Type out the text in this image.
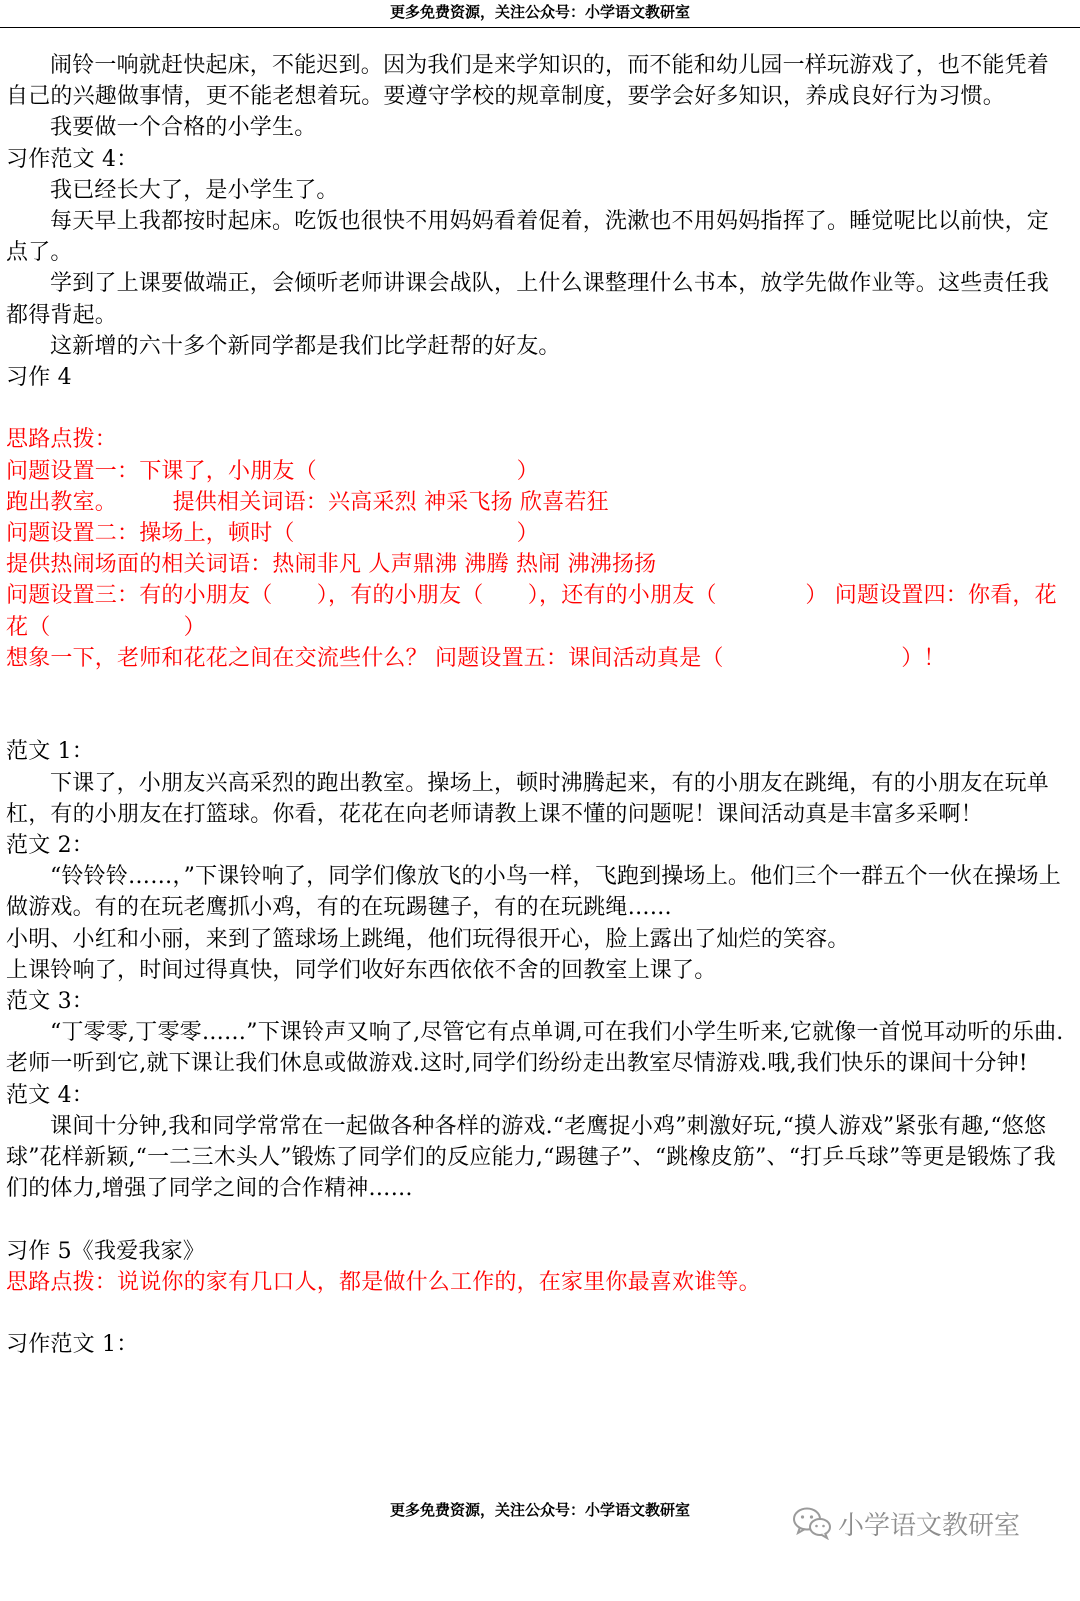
更多免费资源，关注公众号：小学语文教研室

闹铃一响就赶快起床，不能迟到。因为我们是来学知识的，而不能和幼儿园一样玩游戏了，也不能凭着自己的兴趣做事情，更不能老想着玩。要遵守学校的规章制度，要学会好多知识，养成良好行为习惯。

我要做一个合格的小学生。

习作范文 4：

我已经长大了，是小学生了。

每天早上我都按时起床。吃饭也很快不用妈妈看着促着，洗漱也不用妈妈指挥了。睡觉呢比以前快，定点了。

学到了上课要做端正，会倾听老师讲课会战队，上什么课整理什么书本，放学先做作业等。这些责任我都得背起。

这新增的六十多个新同学都是我们比学赶帮的好友。

习作 4

思路点拨：

问题设置一：下课了，小朋友（　　　　　　　　　）

跑出教室。　　　提供相关词语：兴高采烈 神采飞扬 欣喜若狂

问题设置二：操场上，顿时（　　　　　　　　　　）

提供热闹场面的相关词语：热闹非凡 人声鼎沸 沸腾 热闹 沸沸扬扬

问题设置三：有的小朋友（　　），有的小朋友（　　），还有的小朋友（　　　　） 问题设置四：你看，花花（　　　　　　）

想象一下，老师和花花之间在交流些什么？ 问题设置五：课间活动真是（　　　　　　　　）！

范文 1：

下课了，小朋友兴高采烈的跑出教室。操场上，顿时沸腾起来，有的小朋友在跳绳，有的小朋友在玩单杠，有的小朋友在打篮球。你看，花花在向老师请教上课不懂的问题呢！课间活动真是丰富多采啊！

范文 2：

“铃铃铃……，”下课铃响了，同学们像放飞的小鸟一样，飞跑到操场上。他们三个一群五个一伙在操场上做游戏。有的在玩老鹰抓小鸡，有的在玩踢毽子，有的在玩跳绳……

小明、小红和小丽，来到了篮球场上跳绳，他们玩得很开心，脸上露出了灿烂的笑容。

上课铃响了，时间过得真快，同学们收好东西依依不舍的回教室上课了。

范文 3：

“丁零零,丁零零……”下课铃声又响了,尽管它有点单调,可在我们小学生听来,它就像一首悦耳动听的乐曲.老师一听到它,就下课让我们休息或做游戏.这时,同学们纷纷走出教室尽情游戏.哦,我们快乐的课间十分钟!

范文 4：

课间十分钟,我和同学常常在一起做各种各样的游戏.“老鹰捉小鸡”刺激好玩,“摸人游戏”紧张有趣,“悠悠球”花样新颖,“一二三木头人”锻炼了同学们的反应能力,“踢毽子”、“跳橡皮筋”、“打乒乓球”等更是锻炼了我们的体力,增强了同学之间的合作精神……

习作 5《我爱我家》

思路点拨：说说你的家有几口人，都是做什么工作的，在家里你最喜欢谁等。

习作范文 1：

更多免费资源，关注公众号：小学语文教研室
小学语文教研室
